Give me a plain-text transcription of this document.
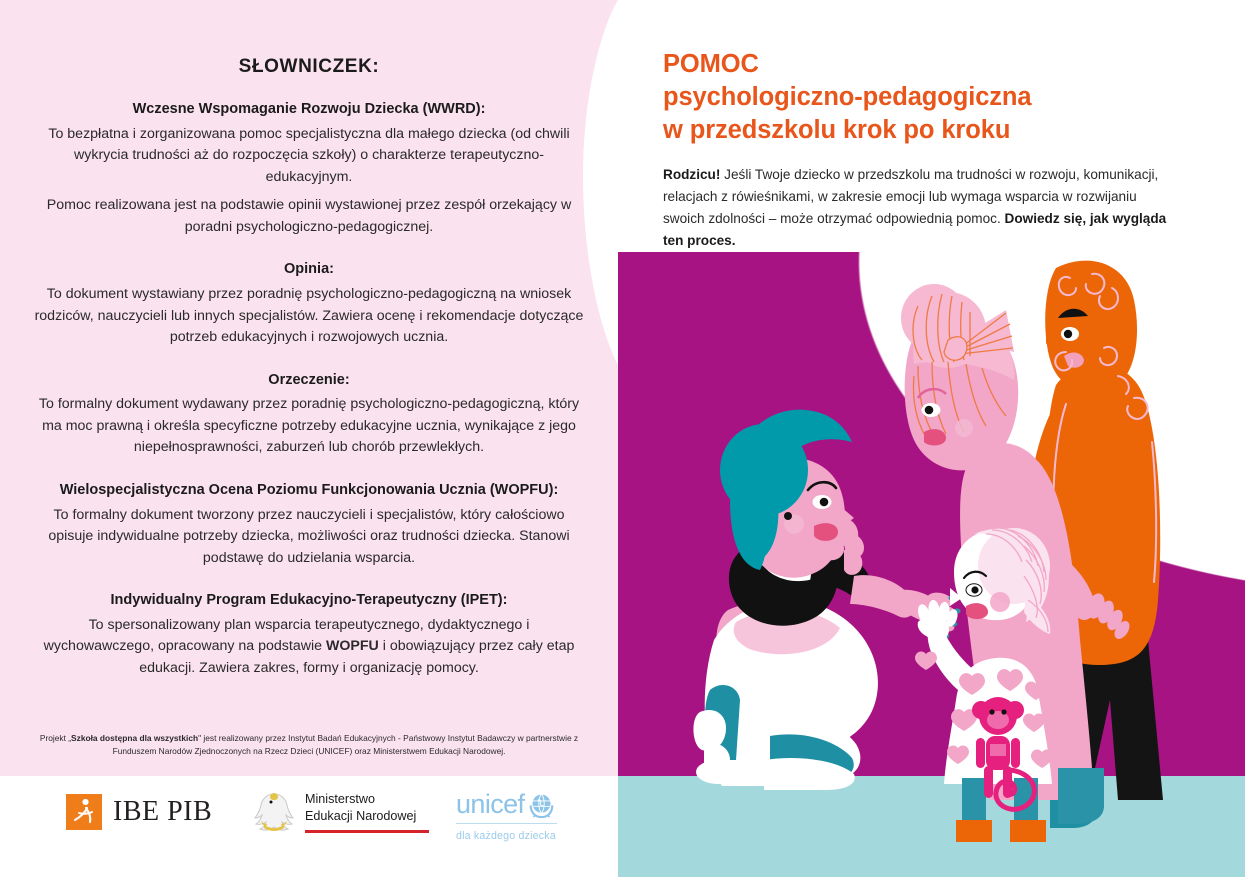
POMOC
psychologiczno-pedagogiczna
w przedszkolu krok po kroku

Rodzicu! Jeśli Twoje dziecko w przedszkolu ma trudności w rozwoju, komunikacji, relacjach z rówieśnikami, w zakresie emocji lub wymaga wsparcia w rozwijaniu swoich zdolności – może otrzymać odpowiednią pomoc. Dowiedz się, jak wygląda ten proces.

SŁOWNICZEK:
Wczesne Wspomaganie Rozwoju Dziecka (WWRD):
To bezpłatna i zorganizowana pomoc specjalistyczna dla małego dziecka (od chwili wykrycia trudności aż do rozpoczęcia szkoły) o charakterze terapeutyczno-edukacyjnym.
Pomoc realizowana jest na podstawie opinii wystawionej przez zespół orzekający w poradni psychologiczno-pedagogicznej.
Opinia:
To dokument wystawiany przez poradnię psychologiczno-pedagogiczną na wniosek rodziców, nauczycieli lub innych specjalistów. Zawiera ocenę i rekomendacje dotyczące potrzeb edukacyjnych i rozwojowych ucznia.
Orzeczenie:
To formalny dokument wydawany przez poradnię psychologiczno-pedagogiczną, który ma moc prawną i określa specyficzne potrzeby edukacyjne ucznia, wynikające z jego niepełnosprawności, zaburzeń lub chorób przewlekłych.
Wielospecjalistyczna Ocena Poziomu Funkcjonowania Ucznia (WOPFU):
To formalny dokument tworzony przez nauczycieli i specjalistów, który całościowo opisuje indywidualne potrzeby dziecka, możliwości oraz trudności dziecka. Stanowi podstawę do udzielania wsparcia.
Indywidualny Program Edukacyjno-Terapeutyczny (IPET):
To spersonalizowany plan wsparcia terapeutycznego, dydaktycznego i wychowawczego, opracowany na podstawie WOPFU i obowiązujący przez cały etap edukacji. Zawiera zakres, formy i organizację pomocy.
Projekt „Szkoła dostępna dla wszystkich" jest realizowany przez Instytut Badań Edukacyjnych - Państwowy Instytut Badawczy w partnerstwie z Funduszem Narodów Zjednoczonych na Rzecz Dzieci (UNICEF) oraz Ministerstwem Edukacji Narodowej.
IBE PIB	Ministerstwo
Edukacji Narodowej	unicef
dla każdego dziecka
